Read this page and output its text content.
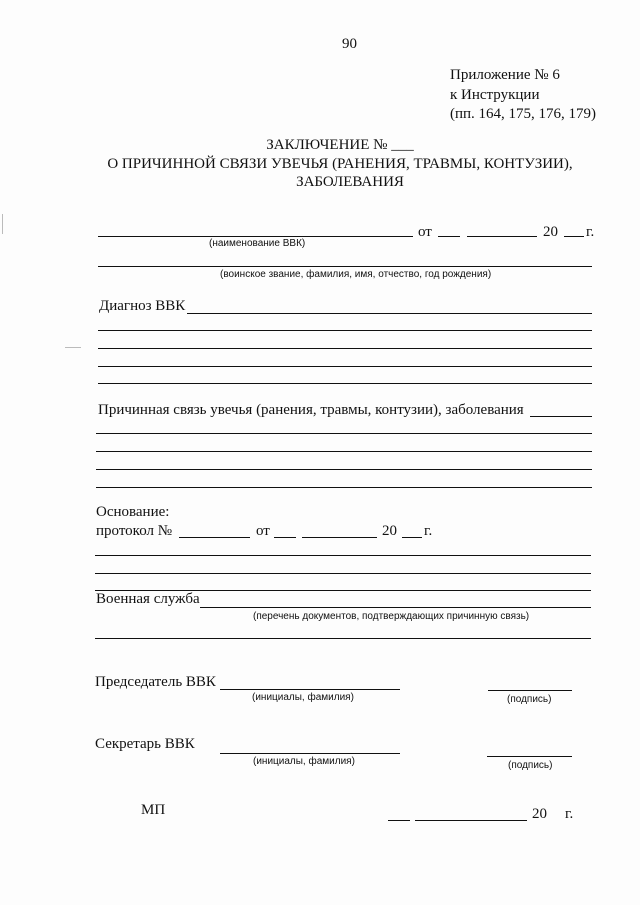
90
Приложение № 6
к Инструкции
(пп. 164, 175, 176, 179)
ЗАКЛЮЧЕНИЕ № ___
О ПРИЧИННОЙ СВЯЗИ УВЕЧЬЯ (РАНЕНИЯ, ТРАВМЫ, КОНТУЗИИ),
ЗАБОЛЕВАНИЯ
от	20 г.
(наименование ВВК)
(воинское звание, фамилия, имя, отчество, год рождения)
Диагноз ВВК
Причинная связь увечья (ранения, травмы, контузии), заболевания
Основание:
протокол №	от	20 г.
Военная служба
(перечень документов, подтверждающих причинную связь)
Председатель ВВК
(инициалы, фамилия)	(подпись)
Секретарь ВВК
(инициалы, фамилия)	(подпись)
МП	20 г.
